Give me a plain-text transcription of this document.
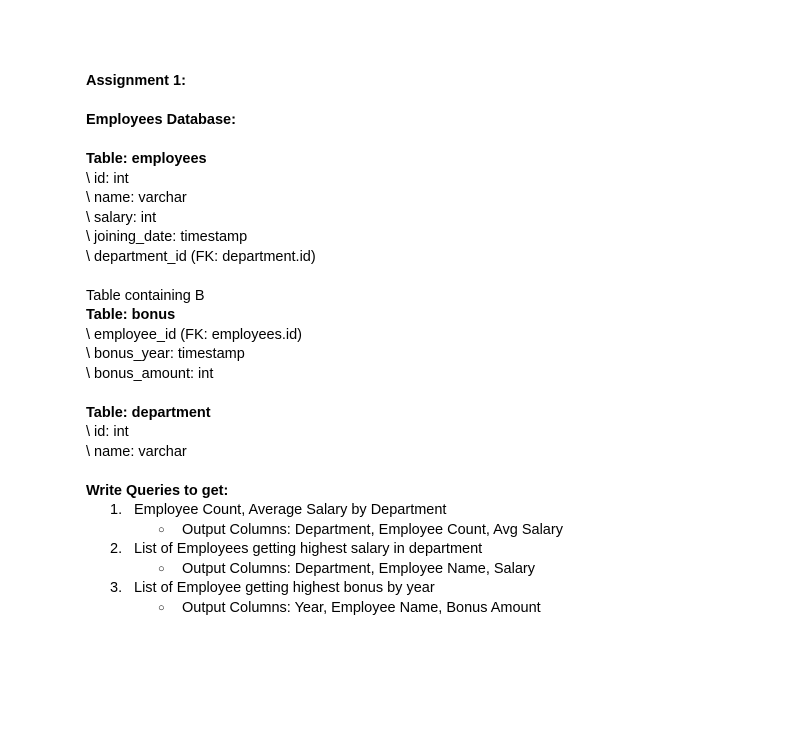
Assignment 1:
Employees Database:
Table: employees
\ id: int
\ name: varchar
\ salary: int
\ joining_date: timestamp
\ department_id (FK: department.id)
Table containing B
Table: bonus
\ employee_id (FK: employees.id)
\ bonus_year: timestamp
\ bonus_amount: int
Table: department
\ id: int
\ name: varchar
Write Queries to get:
1. Employee Count, Average Salary by Department
○	Output Columns: Department, Employee Count, Avg Salary
2. List of Employees getting highest salary in department
○	Output Columns: Department, Employee Name, Salary
3. List of Employee getting highest bonus by year
○	Output Columns: Year, Employee Name, Bonus Amount
